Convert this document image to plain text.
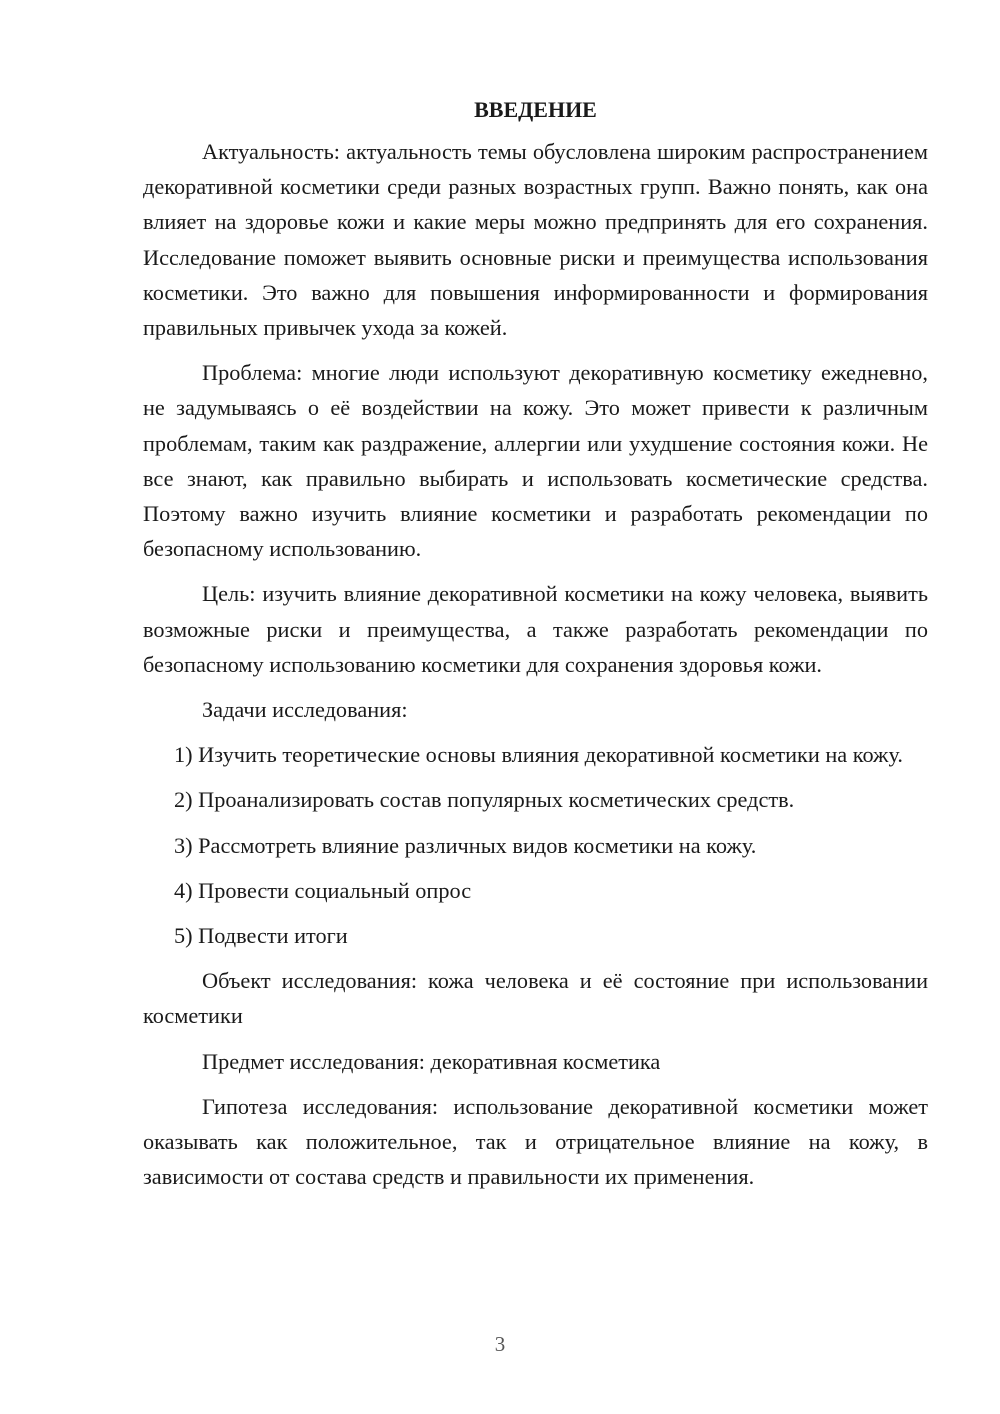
ВВЕДЕНИЕ

Актуальность: актуальность темы обусловлена широким распространением декоративной косметики среди разных возрастных групп. Важно понять, как она влияет на здоровье кожи и какие меры можно предпринять для его сохранения. Исследование поможет выявить основные риски и преимущества использования косметики. Это важно для повышения информированности и формирования правильных привычек ухода за кожей.

Проблема: многие люди используют декоративную косметику ежедневно, не задумываясь о её воздействии на кожу. Это может привести к различным проблемам, таким как раздражение, аллергии или ухудшение состояния кожи. Не все знают, как правильно выбирать и использовать косметические средства. Поэтому важно изучить влияние косметики и разработать рекомендации по безопасному использованию.

Цель: изучить влияние декоративной косметики на кожу человека, выявить возможные риски и преимущества, а также разработать рекомендации по безопасному использованию косметики для сохранения здоровья кожи.

Задачи исследования:

1) Изучить теоретические основы влияния декоративной косметики на кожу.

2) Проанализировать состав популярных косметических средств.

3) Рассмотреть влияние различных видов косметики на кожу.

4) Провести социальный опрос

5) Подвести итоги

Объект исследования: кожа человека и её состояние при использовании косметики

Предмет исследования: декоративная косметика

Гипотеза исследования: использование декоративной косметики может оказывать как положительное, так и отрицательное влияние на кожу, в зависимости от состава средств и правильности их применения.

3
